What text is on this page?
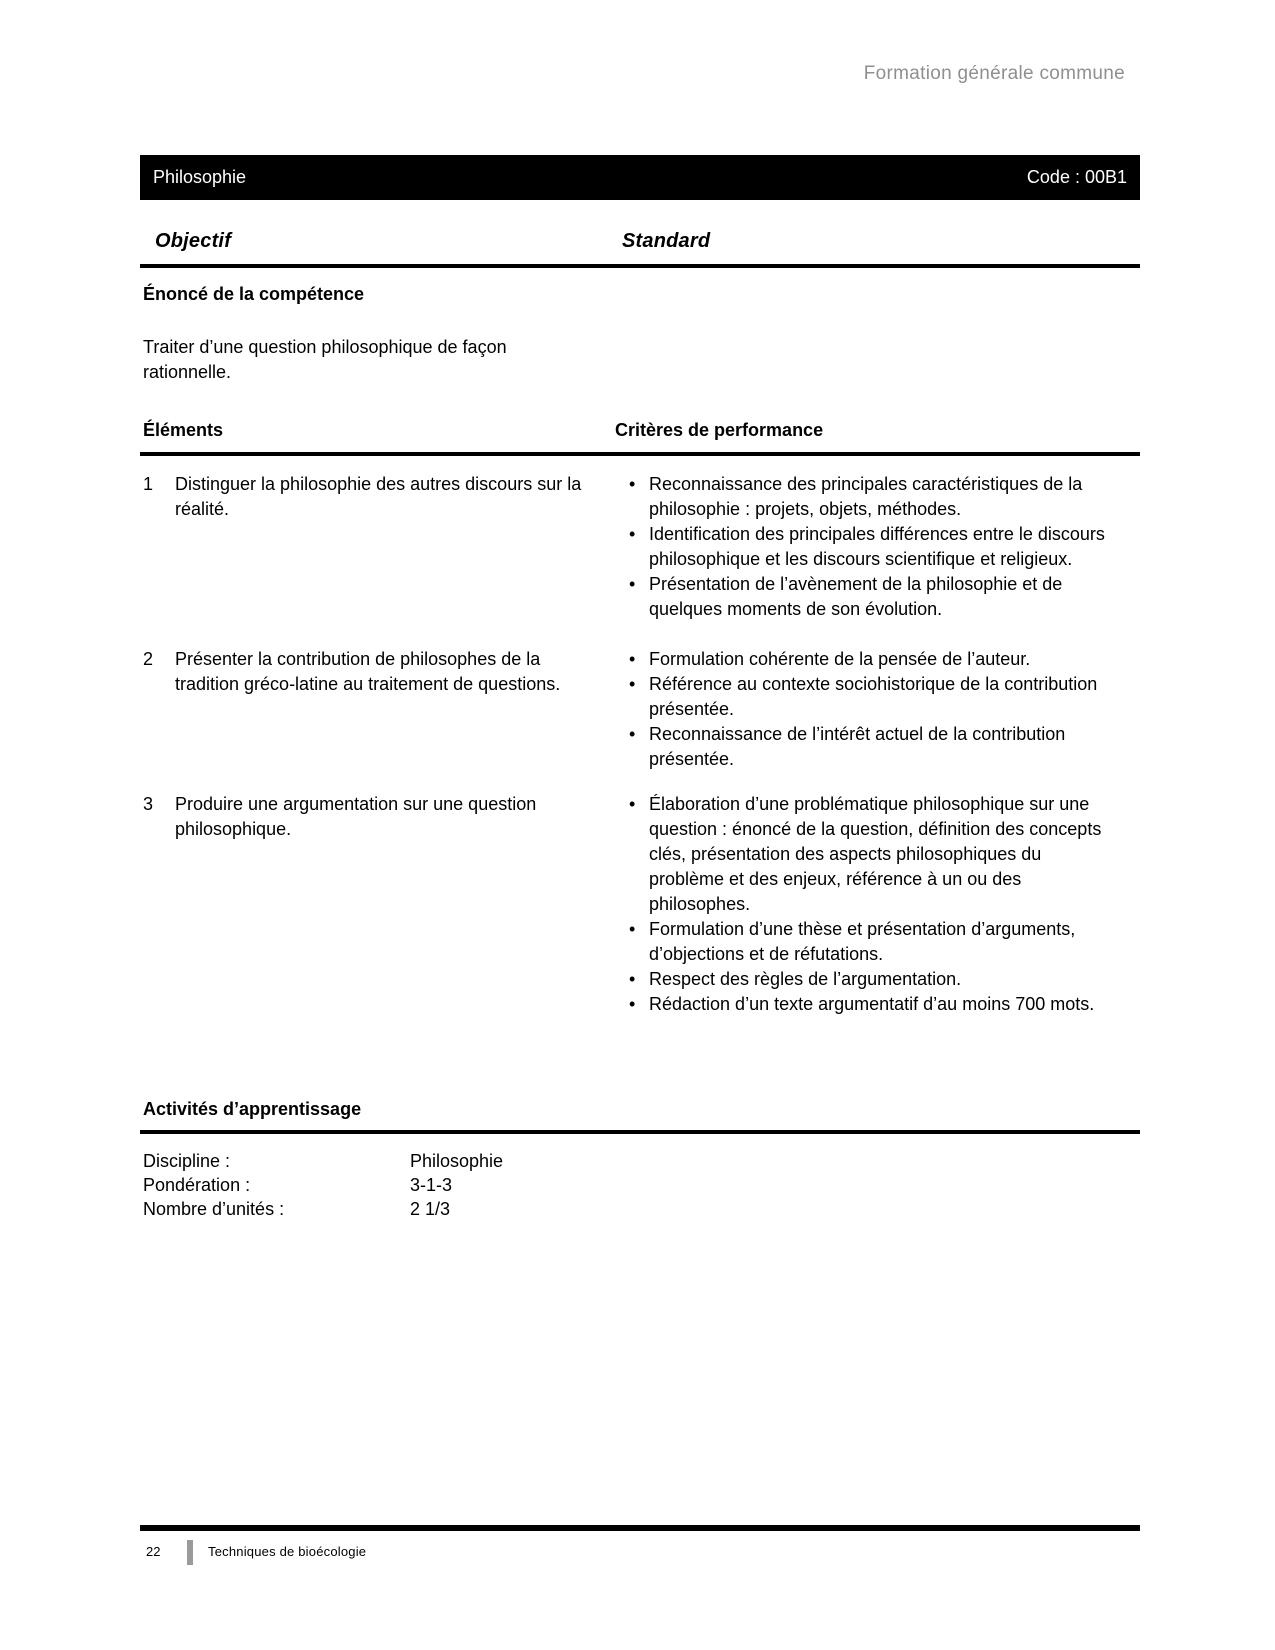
Formation générale commune
Philosophie	Code : 00B1
Objectif	Standard
Énoncé de la compétence
Traiter d’une question philosophique de façon rationnelle.
Éléments	Critères de performance
1	Distinguer la philosophie des autres discours sur la réalité.
• Reconnaissance des principales caractéristiques de la philosophie : projets, objets, méthodes.
• Identification des principales différences entre le discours philosophique et les discours scientifique et religieux.
• Présentation de l’avènement de la philosophie et de quelques moments de son évolution.
2	Présenter la contribution de philosophes de la tradition gréco-latine au traitement de questions.
• Formulation cohérente de la pensée de l’auteur.
• Référence au contexte sociohistorique de la contribution présentée.
• Reconnaissance de l’intérêt actuel de la contribution présentée.
3	Produire une argumentation sur une question philosophique.
• Élaboration d’une problématique philosophique sur une question : énoncé de la question, définition des concepts clés, présentation des aspects philosophiques du problème et des enjeux, référence à un ou des philosophes.
• Formulation d’une thèse et présentation d’arguments, d’objections et de réfutations.
• Respect des règles de l’argumentation.
• Rédaction d’un texte argumentatif d’au moins 700 mots.
Activités d’apprentissage
Discipline :	Philosophie
Pondération :	3-1-3
Nombre d’unités :	2 1/3
22	Techniques de bioécologie
